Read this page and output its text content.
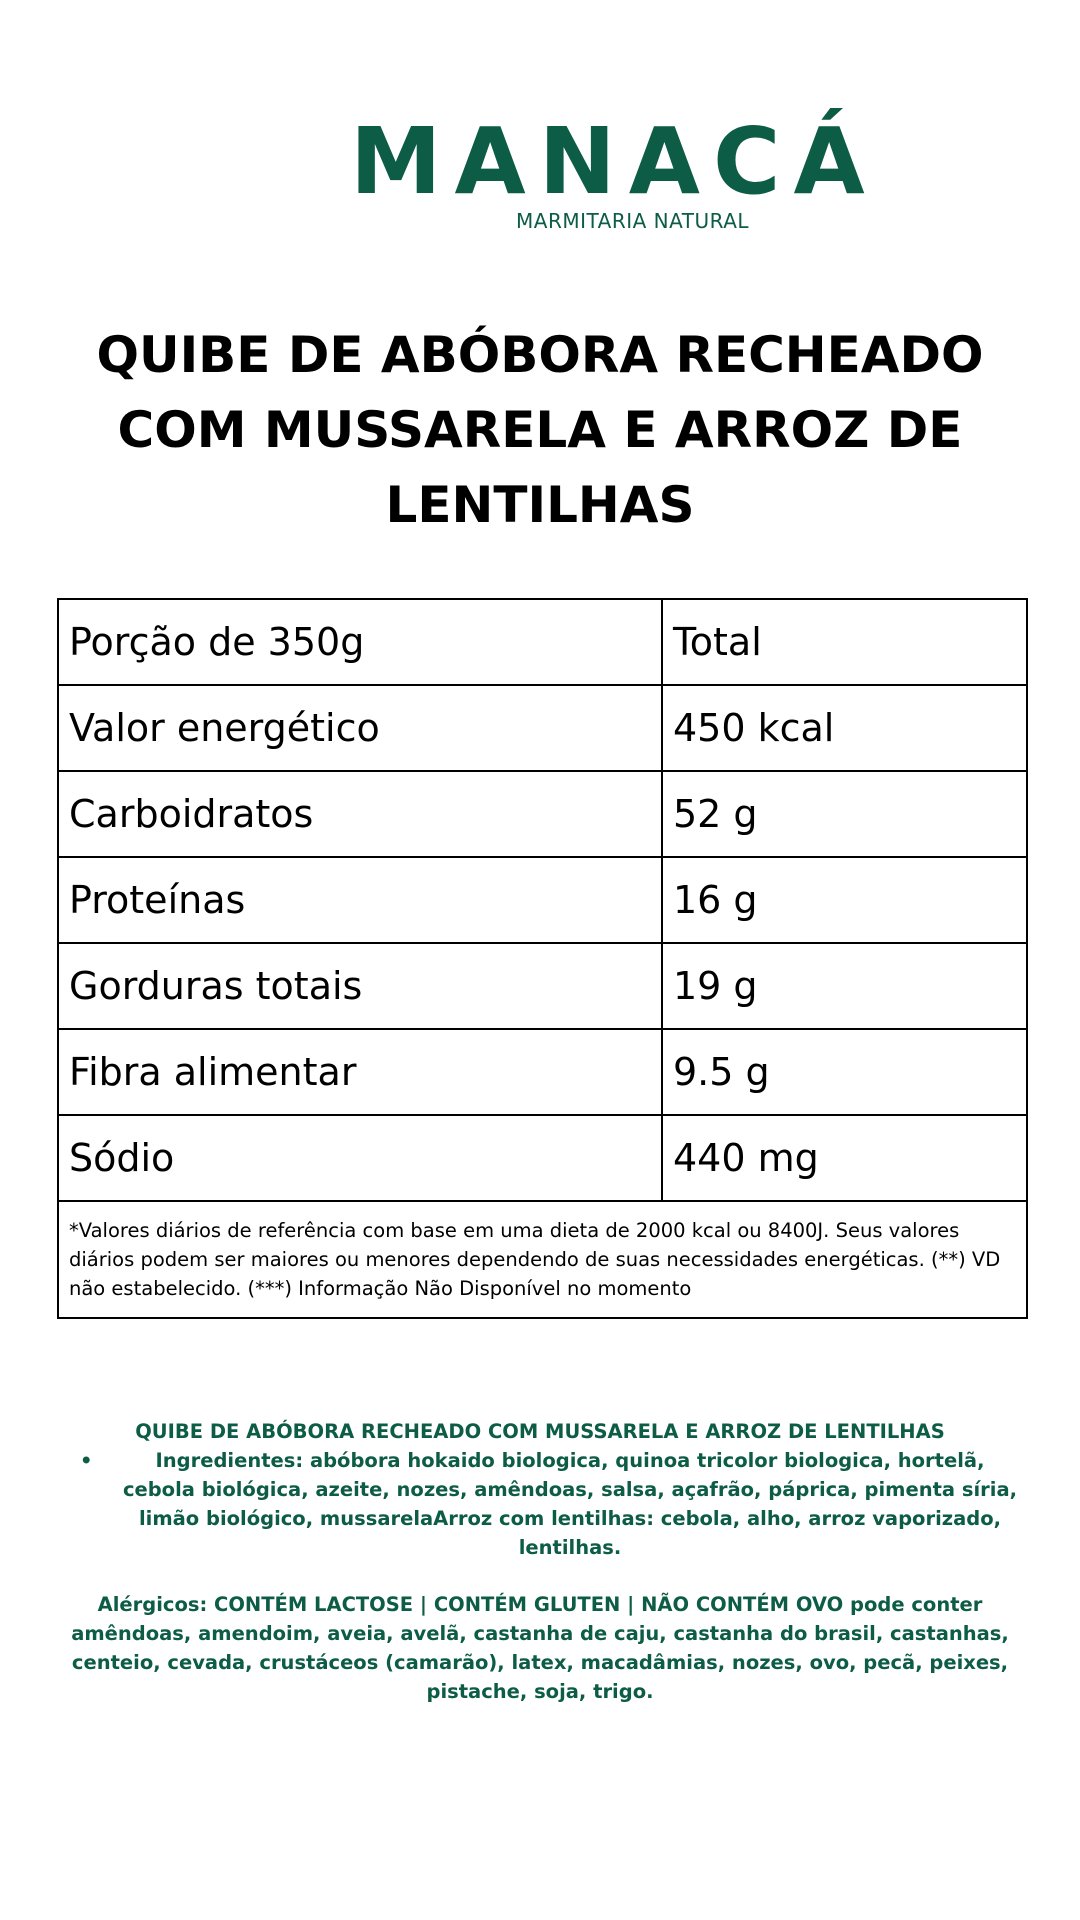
MANACÁ
MARMITARIA NATURAL
QUIBE DE ABÓBORA RECHEADO COM MUSSARELA E ARROZ DE LENTILHAS
Porção de 350g	Total
Valor energético	450 kcal
Carboidratos	52 g
Proteínas	16 g
Gorduras totais	19 g
Fibra alimentar	9.5 g
Sódio	440 mg
*Valores diários de referência com base em uma dieta de 2000 kcal ou 8400J. Seus valores diários podem ser maiores ou menores dependendo de suas necessidades energéticas. (**) VD não estabelecido. (***) Informação Não Disponível no momento	

QUIBE DE ABÓBORA RECHEADO COM MUSSARELA E ARROZ DE LENTILHAS

•	Ingredientes: abóbora hokaido biologica, quinoa tricolor biologica, hortelã, cebola biológica, azeite, nozes, amêndoas, salsa, açafrão, páprica, pimenta síria, limão biológico, mussarelaArroz com lentilhas: cebola, alho, arroz vaporizado, lentilhas.

Alérgicos: CONTÉM LACTOSE | CONTÉM GLUTEN | NÃO CONTÉM OVO pode conter amêndoas, amendoim, aveia, avelã, castanha de caju, castanha do brasil, castanhas, centeio, cevada, crustáceos (camarão), latex, macadâmias, nozes, ovo, pecã, peixes, pistache, soja, trigo.
